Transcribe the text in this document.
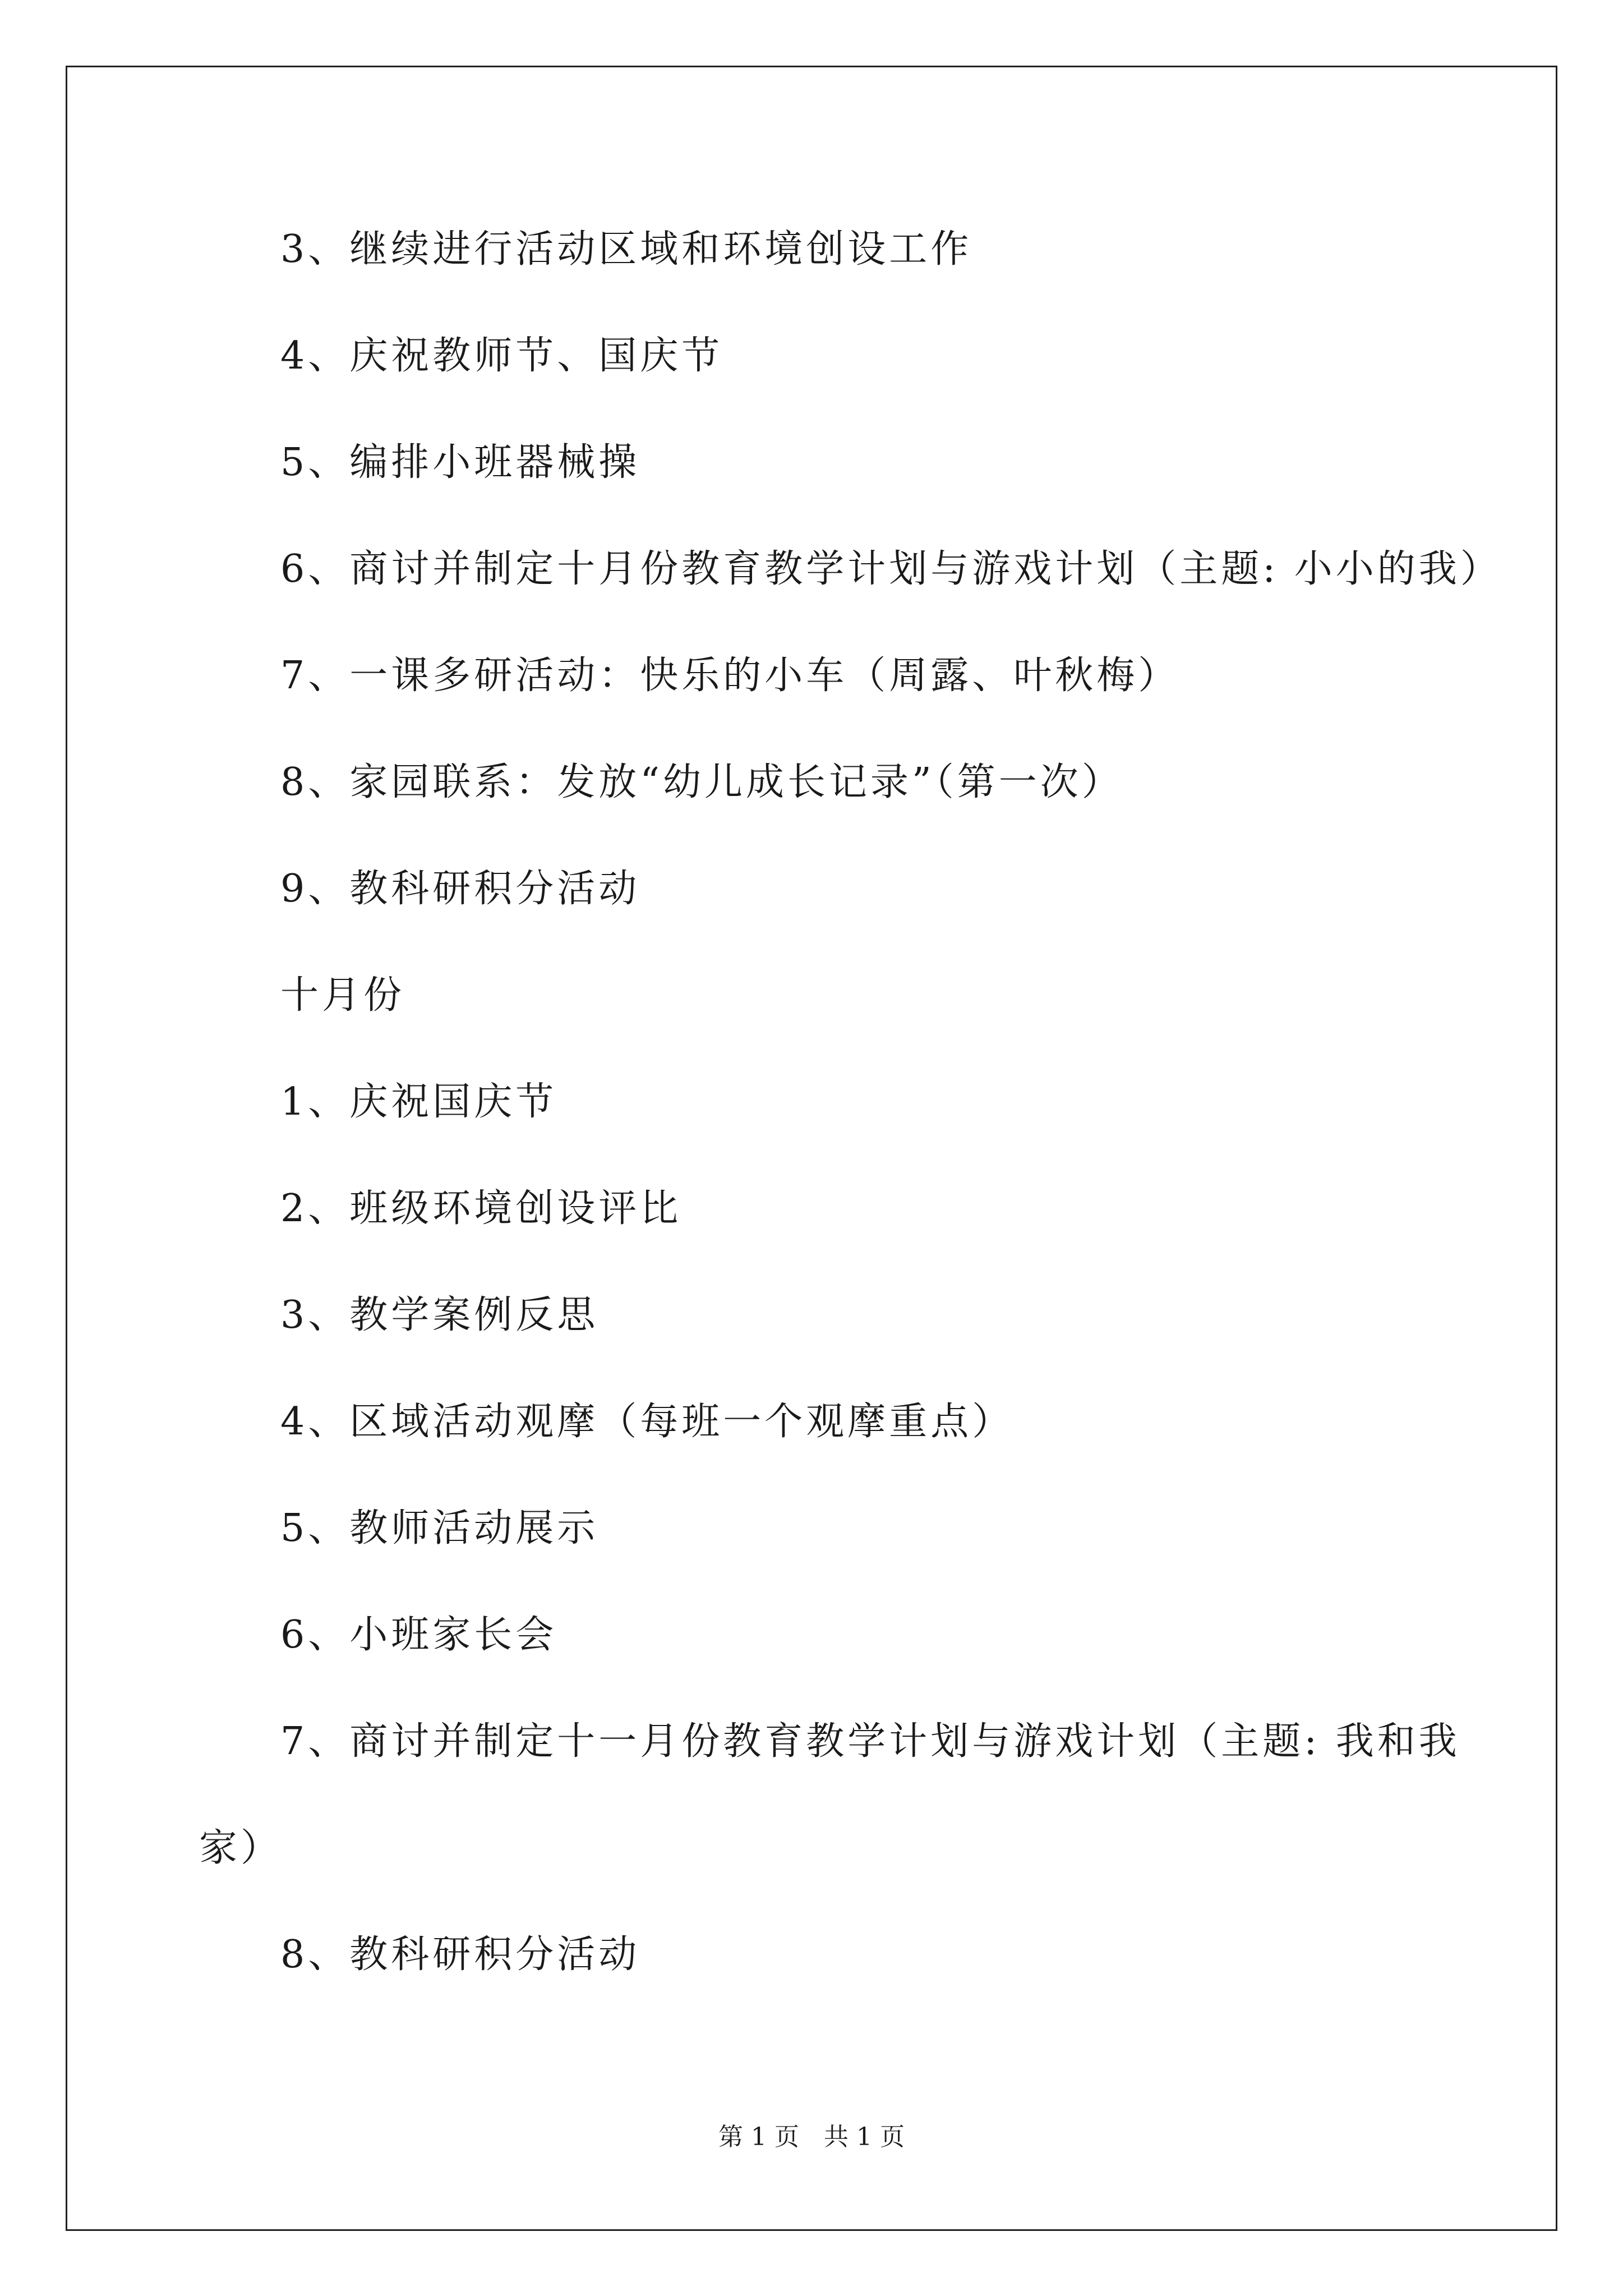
3、继续进行活动区域和环境创设工作
4、庆祝教师节、国庆节
5、编排小班器械操
6、商讨并制定十月份教育教学计划与游戏计划（主题: 小小的我）
7、一课多研活动：快乐的小车（周露、叶秋梅）
8、家园联系：发放“幼儿成长记录”（第一次）
9、教科研积分活动
十月份
1、庆祝国庆节
2、班级环境创设评比
3、教学案例反思
4、区域活动观摩（每班一个观摩重点）
5、教师活动展示
6、小班家长会
7、商讨并制定十一月份教育教学计划与游戏计划（主题: 我和我
家）
8、教科研积分活动
第 1 页　共 1 页
